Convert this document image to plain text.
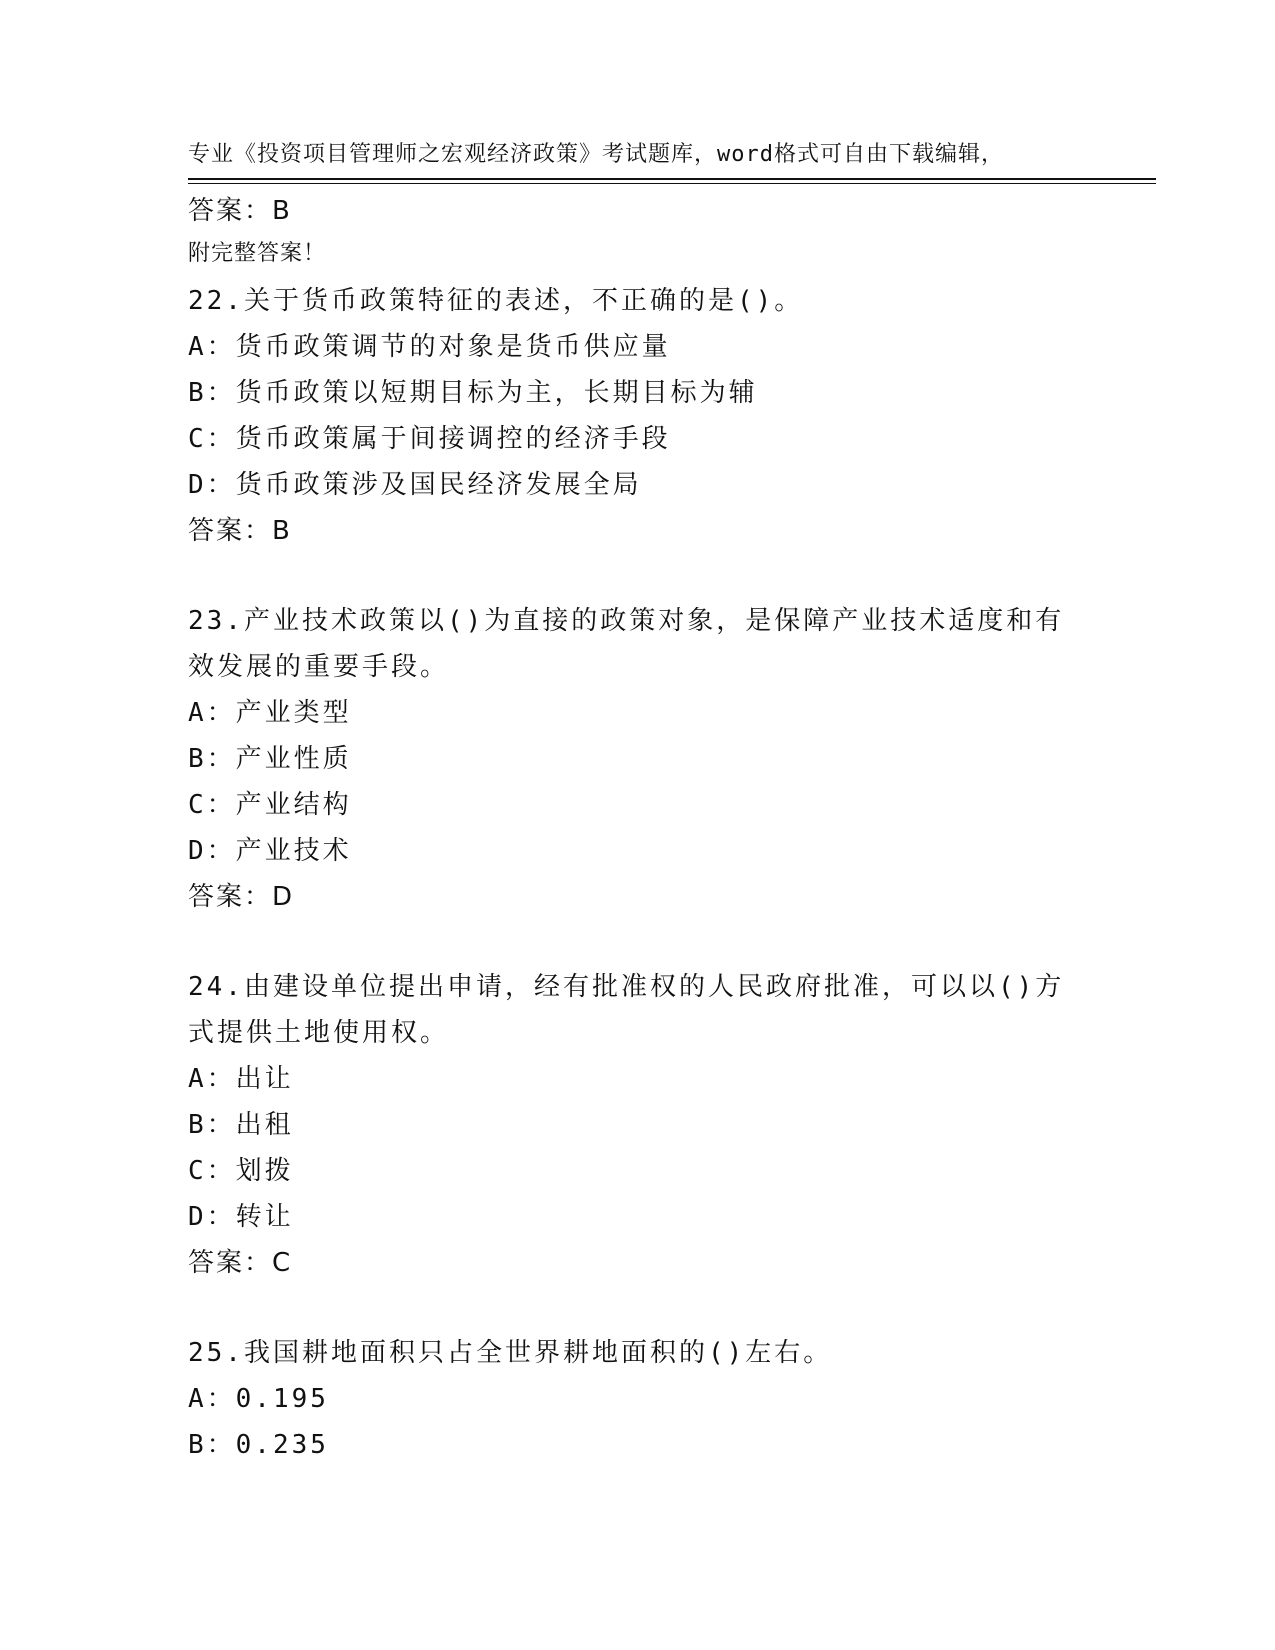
专业《投资项目管理师之宏观经济政策》考试题库，word格式可自由下载编辑，

附完整答案！

答案：B
22.关于货币政策特征的表述，不正确的是()。
A：货币政策调节的对象是货币供应量
B：货币政策以短期目标为主，长期目标为辅
C：货币政策属于间接调控的经济手段
D：货币政策涉及国民经济发展全局
答案：B
23.产业技术政策以()为直接的政策对象，是保障产业技术适度和有效发展的重要手段。
A：产业类型
B：产业性质
C：产业结构
D：产业技术
答案：D
24.由建设单位提出申请，经有批准权的人民政府批准，可以以()方式提供土地使用权。
A：出让
B：出租
C：划拨
D：转让
答案：C
25.我国耕地面积只占全世界耕地面积的()左右。
A：0.195
B：0.235
